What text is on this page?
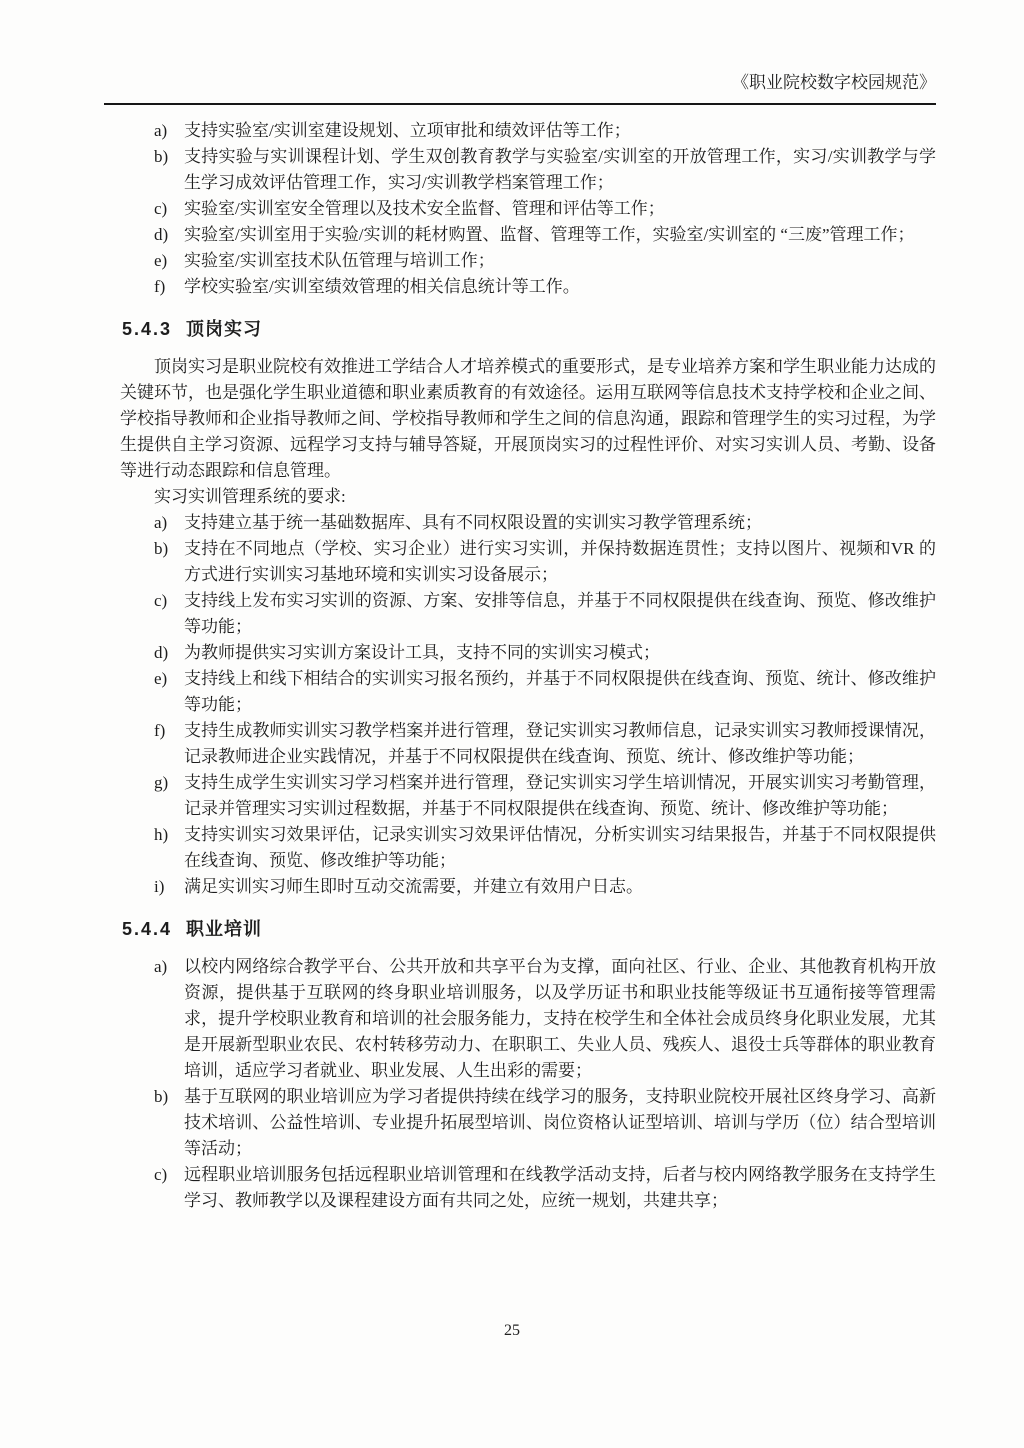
《职业院校数字校园规范》
a) 支持实验室/实训室建设规划、立项审批和绩效评估等工作；
b) 支持实验与实训课程计划、学生双创教育教学与实验室/实训室的开放管理工作，实习/实训教学与学生学习成效评估管理工作，实习/实训教学档案管理工作；
c) 实验室/实训室安全管理以及技术安全监督、管理和评估等工作；
d) 实验室/实训室用于实验/实训的耗材购置、监督、管理等工作，实验室/实训室的 “三废”管理工作；
e) 实验室/实训室技术队伍管理与培训工作；
f)	学校实验室/实训室绩效管理的相关信息统计等工作。
5.4.3 顶岗实习

顶岗实习是职业院校有效推进工学结合人才培养模式的重要形式，是专业培养方案和学生职业能力达成的关键环节，也是强化学生职业道德和职业素质教育的有效途径。运用互联网等信息技术支持学校和企业之间、学校指导教师和企业指导教师之间、学校指导教师和学生之间的信息沟通，跟踪和管理学生的实习过程，为学生提供自主学习资源、远程学习支持与辅导答疑，开展顶岗实习的过程性评价、对实习实训人员、考勤、设备等进行动态跟踪和信息管理。

实习实训管理系统的要求:

a) 支持建立基于统一基础数据库、具有不同权限设置的实训实习教学管理系统；
b) 支持在不同地点（学校、实习企业）进行实习实训，并保持数据连贯性；支持以图片、视频和VR 的方式进行实训实习基地环境和实训实习设备展示；
c) 支持线上发布实习实训的资源、方案、安排等信息，并基于不同权限提供在线查询、预览、修改维护等功能；
d) 为教师提供实习实训方案设计工具，支持不同的实训实习模式；
e) 支持线上和线下相结合的实训实习报名预约，并基于不同权限提供在线查询、预览、统计、修改维护等功能；
f)	支持生成教师实训实习教学档案并进行管理，登记实训实习教师信息，记录实训实习教师授课情况，记录教师进企业实践情况，并基于不同权限提供在线查询、预览、统计、修改维护等功能；
g) 支持生成学生实训实习学习档案并进行管理，登记实训实习学生培训情况，开展实训实习考勤管理，记录并管理实习实训过程数据，并基于不同权限提供在线查询、预览、统计、修改维护等功能；
h) 支持实训实习效果评估，记录实训实习效果评估情况，分析实训实习结果报告，并基于不同权限提供在线查询、预览、修改维护等功能；
i)	满足实训实习师生即时互动交流需要，并建立有效用户日志。
5.4.4 职业培训
a) 以校内网络综合教学平台、公共开放和共享平台为支撑，面向社区、行业、企业、其他教育机构开放资源，提供基于互联网的终身职业培训服务，以及学历证书和职业技能等级证书互通衔接等管理需求，提升学校职业教育和培训的社会服务能力，支持在校学生和全体社会成员终身化职业发展，尤其是开展新型职业农民、农村转移劳动力、在职职工、失业人员、残疾人、退役士兵等群体的职业教育培训，适应学习者就业、职业发展、人生出彩的需要；
b) 基于互联网的职业培训应为学习者提供持续在线学习的服务，支持职业院校开展社区终身学习、高新技术培训、公益性培训、专业提升拓展型培训、岗位资格认证型培训、培训与学历（位）结合型培训等活动；
c) 远程职业培训服务包括远程职业培训管理和在线教学活动支持，后者与校内网络教学服务在支持学生学习、教师教学以及课程建设方面有共同之处，应统一规划，共建共享；
25
